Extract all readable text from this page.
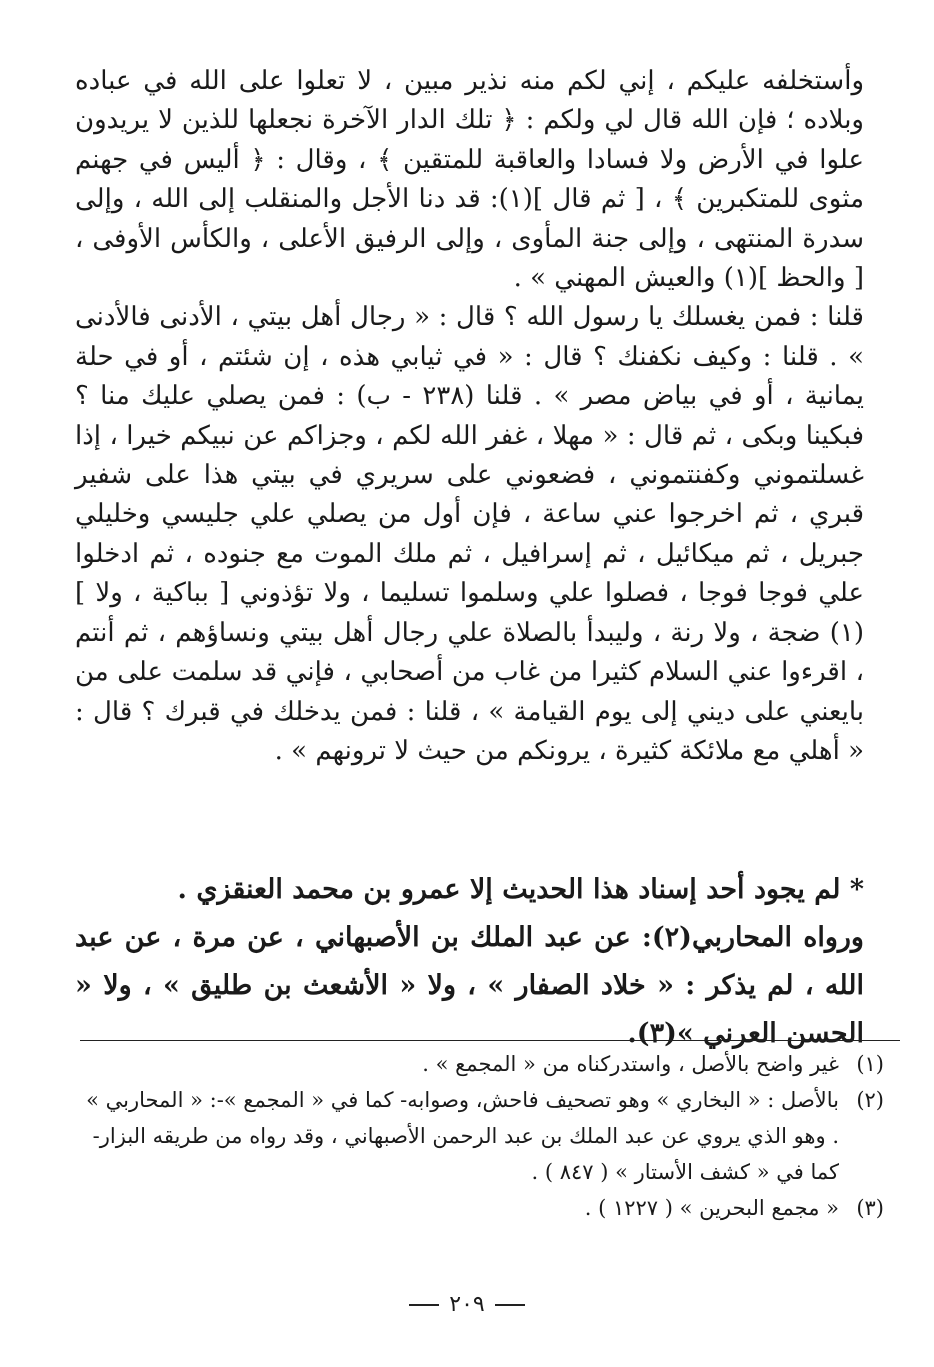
وأستخلفه عليكم ، إني لكم منه نذير مبين ، لا تعلوا على الله في عباده وبلاده ؛ فإن الله قال لي ولكم : ﴿ تلك الدار الآخرة نجعلها للذين لا يريدون علوا في الأرض ولا فسادا والعاقبة للمتقين ﴾ ، وقال : ﴿ أليس في جهنم مثوى للمتكبرين ﴾ ، [ ثم قال ](١): قد دنا الأجل والمنقلب إلى الله ، وإلى سدرة المنتهى ، وإلى جنة المأوى ، وإلى الرفيق الأعلى ، والكأس الأوفى ، [ والحظ ](١) والعيش المهني » .

قلنا : فمن يغسلك يا رسول الله ؟ قال : « رجال أهل بيتي ، الأدنى فالأدنى » . قلنا : وكيف نكفنك ؟ قال : « في ثيابي هذه ، إن شئتم ، أو في حلة يمانية ، أو في بياض مصر » . قلنا (٢٣٨ - ب) : فمن يصلي عليك منا ؟ فبكينا وبكى ، ثم قال : « مهلا ، غفر الله لكم ، وجزاكم عن نبيكم خيرا ، إذا غسلتموني وكفنتموني ، فضعوني على سريري في بيتي هذا على شفير قبري ، ثم اخرجوا عني ساعة ، فإن أول من يصلي علي جليسي وخليلي جبريل ، ثم ميكائيل ، ثم إسرافيل ، ثم ملك الموت مع جنوده ، ثم ادخلوا علي فوجا فوجا ، فصلوا علي وسلموا تسليما ، ولا تؤذوني [ بباكية ، ولا ](١) ضجة ، ولا رنة ، وليبدأ بالصلاة علي رجال أهل بيتي ونساؤهم ، ثم أنتم ، اقرءوا عني السلام كثيرا من غاب من أصحابي ، فإني قد سلمت على من بايعني على ديني إلى يوم القيامة » ، قلنا : فمن يدخلك في قبرك ؟ قال : « أهلي مع ملائكة كثيرة ، يرونكم من حيث لا ترونهم » .

* لم يجود أحد إسناد هذا الحديث إلا عمرو بن محمد العنقزي .

ورواه المحاربي(٢): عن عبد الملك بن الأصبهاني ، عن مرة ، عن عبد الله ، لم يذكر : « خلاد الصفار » ، ولا « الأشعث بن طليق » ، ولا « الحسن العرني »(٣).

(١)
غير واضح بالأصل ، واستدركناه من « المجمع » .
(٢)
بالأصل : « البخاري » وهو تصحيف فاحش، وصوابه- كما في « المجمع »-: « المحاربي » . وهو الذي يروي عن عبد الملك بن عبد الرحمن الأصبهاني ، وقد رواه من طريقه البزار- كما في « كشف الأستار » ( ٨٤٧ ) .
(٣)
« مجمع البحرين » ( ١٢٢٧ ) .
٢٠٩
